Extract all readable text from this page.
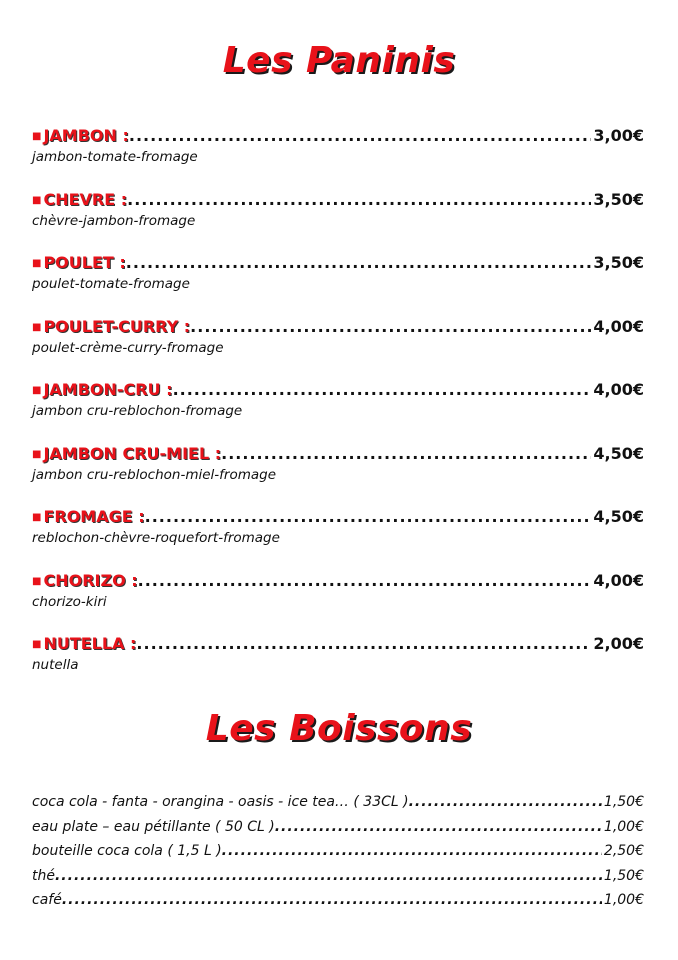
Les Paninis
■ JAMBON : .....	3,00€
jambon-tomate-fromage
■ CHEVRE : .....	3,50€
chèvre-jambon-fromage
■ POULET : .....	3,50€
poulet-tomate-fromage
■ POULET-CURRY : .....	4,00€
poulet-crème-curry-fromage
■ JAMBON-CRU : .....	4,00€
jambon cru-reblochon-fromage
■ JAMBON CRU-MIEL : .....	4,50€
jambon cru-reblochon-miel-fromage
■ FROMAGE : .....	4,50€
reblochon-chèvre-roquefort-fromage
■ CHORIZO : .....	4,00€
chorizo-kiri
■ NUTELLA : .....	2,00€
nutella
Les Boissons
coca cola - fanta - orangina - oasis - ice tea… ( 33CL ) .....	1,50€
eau plate – eau pétillante ( 50 CL ) .....	1,00€
bouteille coca cola ( 1,5 L ) .....	2,50€
thé .....	1,50€
café .....	1,00€
